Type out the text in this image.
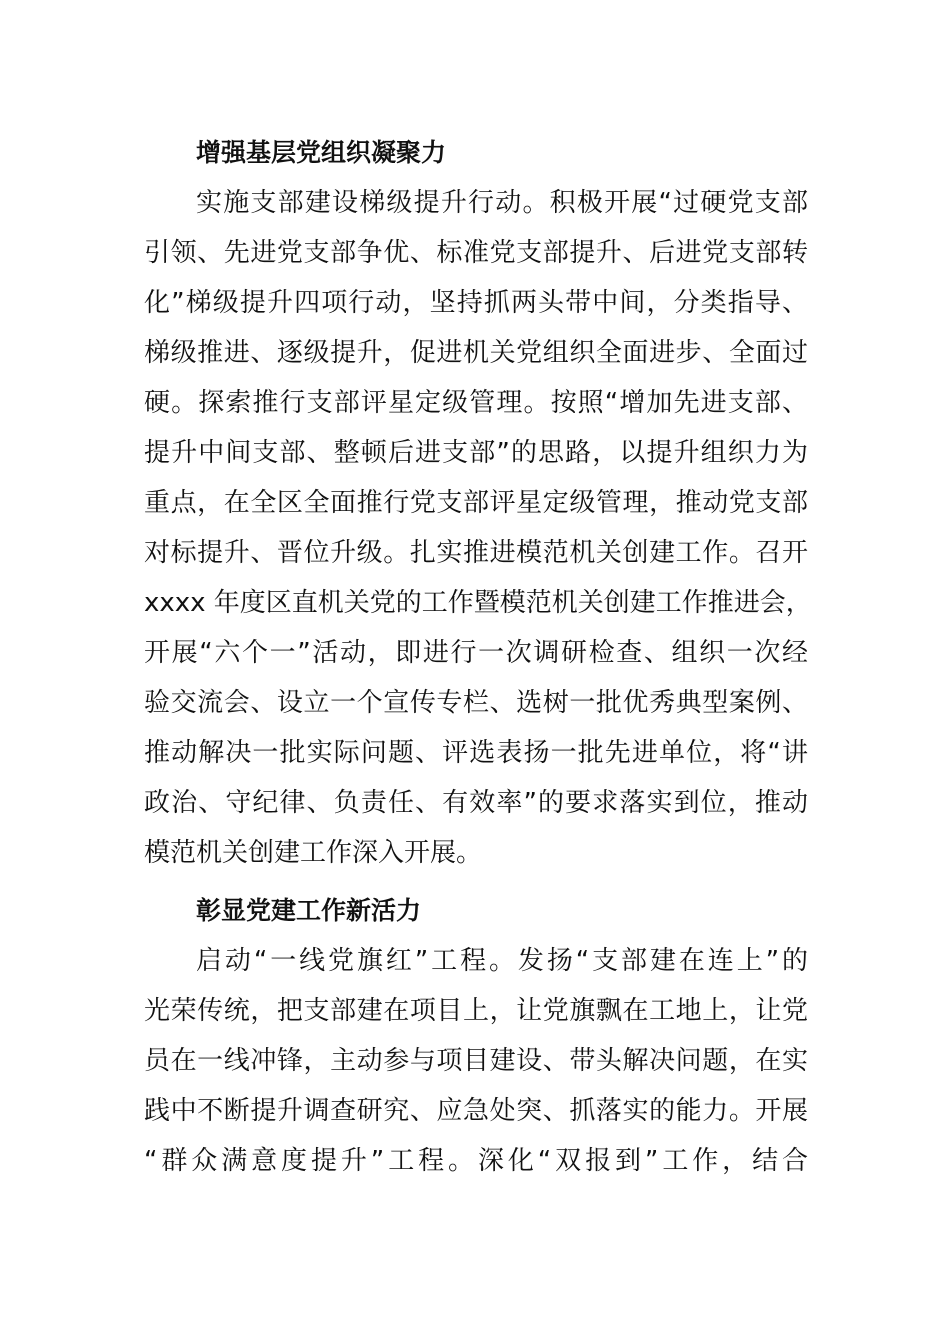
增强基层党组织凝聚力

实施支部建设梯级提升行动。积极开展“过硬党支部
引领、先进党支部争优、标准党支部提升、后进党支部转
化”梯级提升四项行动，坚持抓两头带中间，分类指导、
梯级推进、逐级提升，促进机关党组织全面进步、全面过
硬。探索推行支部评星定级管理。按照“增加先进支部、
提升中间支部、整顿后进支部”的思路，以提升组织力为
重点，在全区全面推行党支部评星定级管理，推动党支部
对标提升、晋位升级。扎实推进模范机关创建工作。召开
xxxx 年度区直机关党的工作暨模范机关创建工作推进会，
开展“六个一”活动，即进行一次调研检查、组织一次经
验交流会、设立一个宣传专栏、选树一批优秀典型案例、
推动解决一批实际问题、评选表扬一批先进单位，将“讲
政治、守纪律、负责任、有效率”的要求落实到位，推动
模范机关创建工作深入开展。

彰显党建工作新活力

启动“一线党旗红”工程。发扬“支部建在连上”的
光荣传统，把支部建在项目上，让党旗飘在工地上，让党
员在一线冲锋，主动参与项目建设、带头解决问题，在实
践中不断提升调查研究、应急处突、抓落实的能力。开展
“群众满意度提升”工程。深化“双报到”工作，结合
